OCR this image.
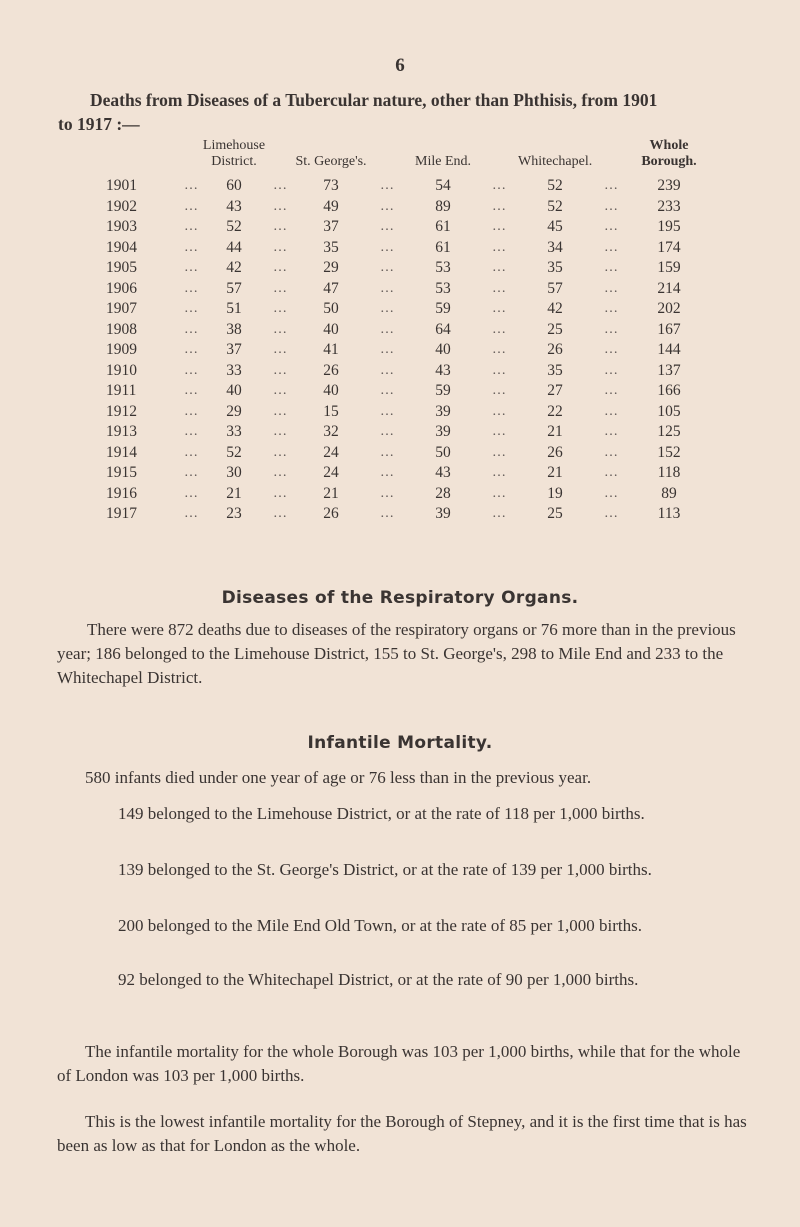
6
Deaths from Diseases of a Tubercular nature, other than Phthisis, from 1901
to 1917 :—
		Limehouse District.		St. George's.		Mile End.		Whitechapel.		Whole Borough.
1901	…	60	…	73	…	54	…	52	…	239
1902	…	43	…	49	…	89	…	52	…	233
1903	…	52	…	37	…	61	…	45	…	195
1904	…	44	…	35	…	61	…	34	…	174
1905	…	42	…	29	…	53	…	35	…	159
1906	…	57	…	47	…	53	…	57	…	214
1907	…	51	…	50	…	59	…	42	…	202
1908	…	38	…	40	…	64	…	25	…	167
1909	…	37	…	41	…	40	…	26	…	144
1910	…	33	…	26	…	43	…	35	…	137
1911	…	40	…	40	…	59	…	27	…	166
1912	…	29	…	15	…	39	…	22	…	105
1913	…	33	…	32	…	39	…	21	…	125
1914	…	52	…	24	…	50	…	26	…	152
1915	…	30	…	24	…	43	…	21	…	118
1916	…	21	…	21	…	28	…	19	…	89
1917	…	23	…	26	…	39	…	25	…	113
Diseases of the Respiratory Organs.
There were 872 deaths due to diseases of the respiratory organs or 76 more than in the previous year; 186 belonged to the Limehouse District, 155 to St. George's, 298 to Mile End and 233 to the Whitechapel District.
Infantile Mortality.
580 infants died under one year of age or 76 less than in the previous year.
149 belonged to the Limehouse District, or at the rate of 118 per 1,000 births.
139 belonged to the St. George's District, or at the rate of 139 per 1,000 births.
200 belonged to the Mile End Old Town, or at the rate of 85 per 1,000 births.
92 belonged to the Whitechapel District, or at the rate of 90 per 1,000 births.
The infantile mortality for the whole Borough was 103 per 1,000 births, while that for the whole of London was 103 per 1,000 births.
This is the lowest infantile mortality for the Borough of Stepney, and it is the first time that is has been as low as that for London as the whole.
